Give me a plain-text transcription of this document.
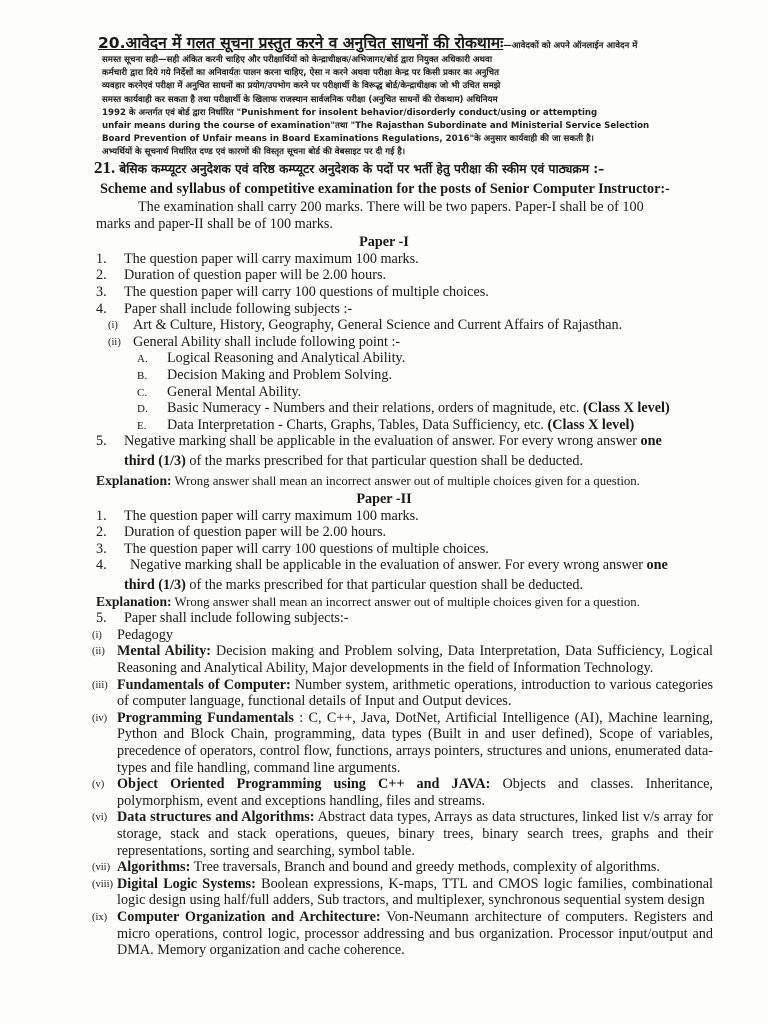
20.आवेदन में गलत सूचना प्रस्तुत करने व अनुचित साधनों की रोकथामः—आवेदकों को अपने ऑनलाईन आवेदन में
समस्त सूचना सही—सही अंकित करनी चाहिए और परीक्षार्थियों को केन्द्राधीक्षक/अभिजागर/बोर्ड द्वारा नियुक्त अधिकारी अथवा
कर्मचारी द्वारा दिये गये निर्देशों का अनिवार्यतः पालन करना चाहिए, ऐसा न करने अथवा परीक्षा केन्द्र पर किसी प्रकार का अनुचित
व्यवहार करनेएवं परीक्षा में अनुचित साधनों का प्रयोग/उपभोग करने पर परीक्षार्थी के विरूद्ध बोर्ड/केन्द्राधीक्षक जो भी उचित समझे
समस्त कार्यवाही कर सकता है तथा परीक्षार्थी के खिलाफ राजस्थान सार्वजनिक परीक्षा (अनुचित साधनों की रोकथाम) अधिनियम
1992 के अन्तर्गत एवं बोर्ड द्वारा निर्धारित "Punishment for insolent behavior/disorderly conduct/using or attempting
unfair means during the course of examination"तथा "The Rajasthan Subordinate and Ministerial Service Selection
Board Prevention of Unfair means in Board Examinations Regulations, 2016"के अनुसार कार्यवाही की जा सकती है।
अभ्यर्थियों के सूचनार्थ निर्धारित दण्ड एवं कारणों की विस्तृत सूचना बोर्ड की वेबसाइट पर दी गई है।
21. बेसिक कम्प्यूटर अनुदेशक एवं वरिष्ठ कम्प्यूटर अनुदेशक के पदों पर भर्ती हेतु परीक्षा की स्कीम एवं पाठ्यक्रम :–
Scheme and syllabus of competitive examination for the posts of Senior Computer Instructor:-
The examination shall carry 200 marks. There will be two papers. Paper-I shall be of 100
marks and paper-II shall be of 100 marks.
Paper -I
1. The question paper will carry maximum 100 marks.
2. Duration of question paper will be 2.00 hours.
3. The question paper will carry 100 questions of multiple choices.
4. Paper shall include following subjects :-
(i) Art & Culture, History, Geography, General Science and Current Affairs of Rajasthan.
(ii) General Ability shall include following point :-
A. Logical Reasoning and Analytical Ability.
B. Decision Making and Problem Solving.
C. General Mental Ability.
D. Basic Numeracy - Numbers and their relations, orders of magnitude, etc. (Class X level)
E. Data Interpretation - Charts, Graphs, Tables, Data Sufficiency, etc. (Class X level)
5. Negative marking shall be applicable in the evaluation of answer. For every wrong answer one
third (1/3) of the marks prescribed for that particular question shall be deducted.
Explanation: Wrong answer shall mean an incorrect answer out of multiple choices given for a question.
Paper -II
1. The question paper will carry maximum 100 marks.
2. Duration of question paper will be 2.00 hours.
3. The question paper will carry 100 questions of multiple choices.
4. Negative marking shall be applicable in the evaluation of answer. For every wrong answer one
third (1/3) of the marks prescribed for that particular question shall be deducted.
Explanation: Wrong answer shall mean an incorrect answer out of multiple choices given for a question.
5. Paper shall include following subjects:-
(i) Pedagogy
(ii) Mental Ability: Decision making and Problem solving, Data Interpretation, Data Sufficiency, Logical Reasoning and Analytical Ability, Major developments in the field of Information Technology.
(iii) Fundamentals of Computer: Number system, arithmetic operations, introduction to various categories of computer language, functional details of Input and Output devices.
(iv) Programming Fundamentals : C, C++, Java, DotNet, Artificial Intelligence (AI), Machine learning, Python and Block Chain, programming, data types (Built in and user defined), Scope of variables, precedence of operators, control flow, functions, arrays pointers, structures and unions, enumerated data-types and file handling, command line arguments.
(v) Object Oriented Programming using C++ and JAVA: Objects and classes. Inheritance, polymorphism, event and exceptions handling, files and streams.
(vi) Data structures and Algorithms: Abstract data types, Arrays as data structures, linked list v/s array for storage, stack and stack operations, queues, binary trees, binary search trees, graphs and their representations, sorting and searching, symbol table.
(vii) Algorithms: Tree traversals, Branch and bound and greedy methods, complexity of algorithms.
(viii) Digital Logic Systems: Boolean expressions, K-maps, TTL and CMOS logic families, combinational logic design using half/full adders, Sub tractors, and multiplexer, synchronous sequential system design
(ix) Computer Organization and Architecture: Von-Neumann architecture of computers. Registers and micro operations, control logic, processor addressing and bus organization. Processor input/output and DMA. Memory organization and cache coherence.
